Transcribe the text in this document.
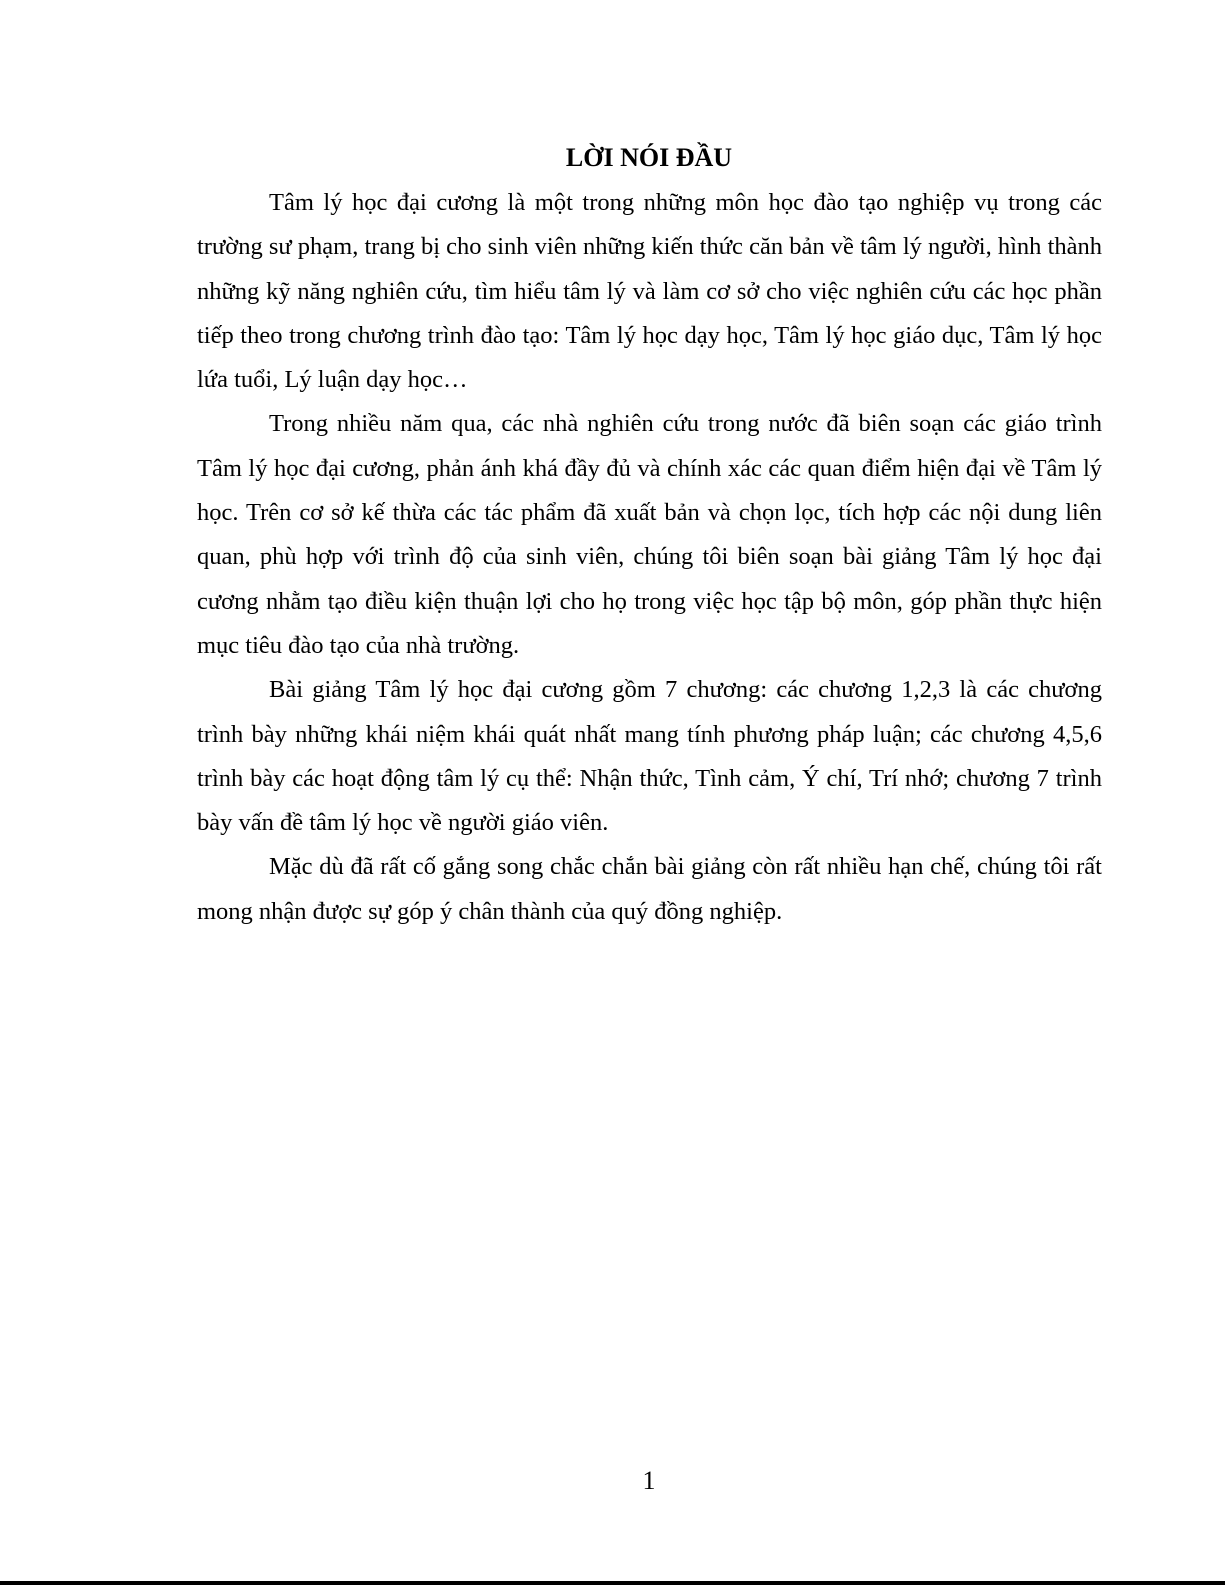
LỜI NÓI ĐẦU

Tâm lý học đại cương là một trong những môn học đào tạo nghiệp vụ trong các trường sư phạm, trang bị cho sinh viên những kiến thức căn bản về tâm lý người, hình thành những kỹ năng nghiên cứu, tìm hiểu tâm lý và làm cơ sở cho việc nghiên cứu các học phần tiếp theo trong chương trình đào tạo: Tâm lý học dạy học, Tâm lý học giáo dục, Tâm lý học lứa tuổi, Lý luận dạy học…

Trong nhiều năm qua, các nhà nghiên cứu trong nước đã biên soạn các giáo trình Tâm lý học đại cương, phản ánh khá đầy đủ và chính xác các quan điểm hiện đại về Tâm lý học. Trên cơ sở kế thừa các tác phẩm đã xuất bản và chọn lọc, tích hợp các nội dung liên quan, phù hợp với trình độ của sinh viên, chúng tôi biên soạn bài giảng Tâm lý học đại cương nhằm tạo điều kiện thuận lợi cho họ trong việc học tập bộ môn, góp phần thực hiện mục tiêu đào tạo của nhà trường.

Bài giảng Tâm lý học đại cương gồm 7 chương: các chương 1,2,3 là các chương trình bày những khái niệm khái quát nhất mang tính phương pháp luận; các chương 4,5,6 trình bày các hoạt động tâm lý cụ thể: Nhận thức, Tình cảm, Ý chí, Trí nhớ; chương 7 trình bày vấn đề tâm lý học về người giáo viên.

Mặc dù đã rất cố gắng song chắc chắn bài giảng còn rất nhiều hạn chế, chúng tôi rất mong nhận được sự góp ý chân thành của quý đồng nghiệp.

1
